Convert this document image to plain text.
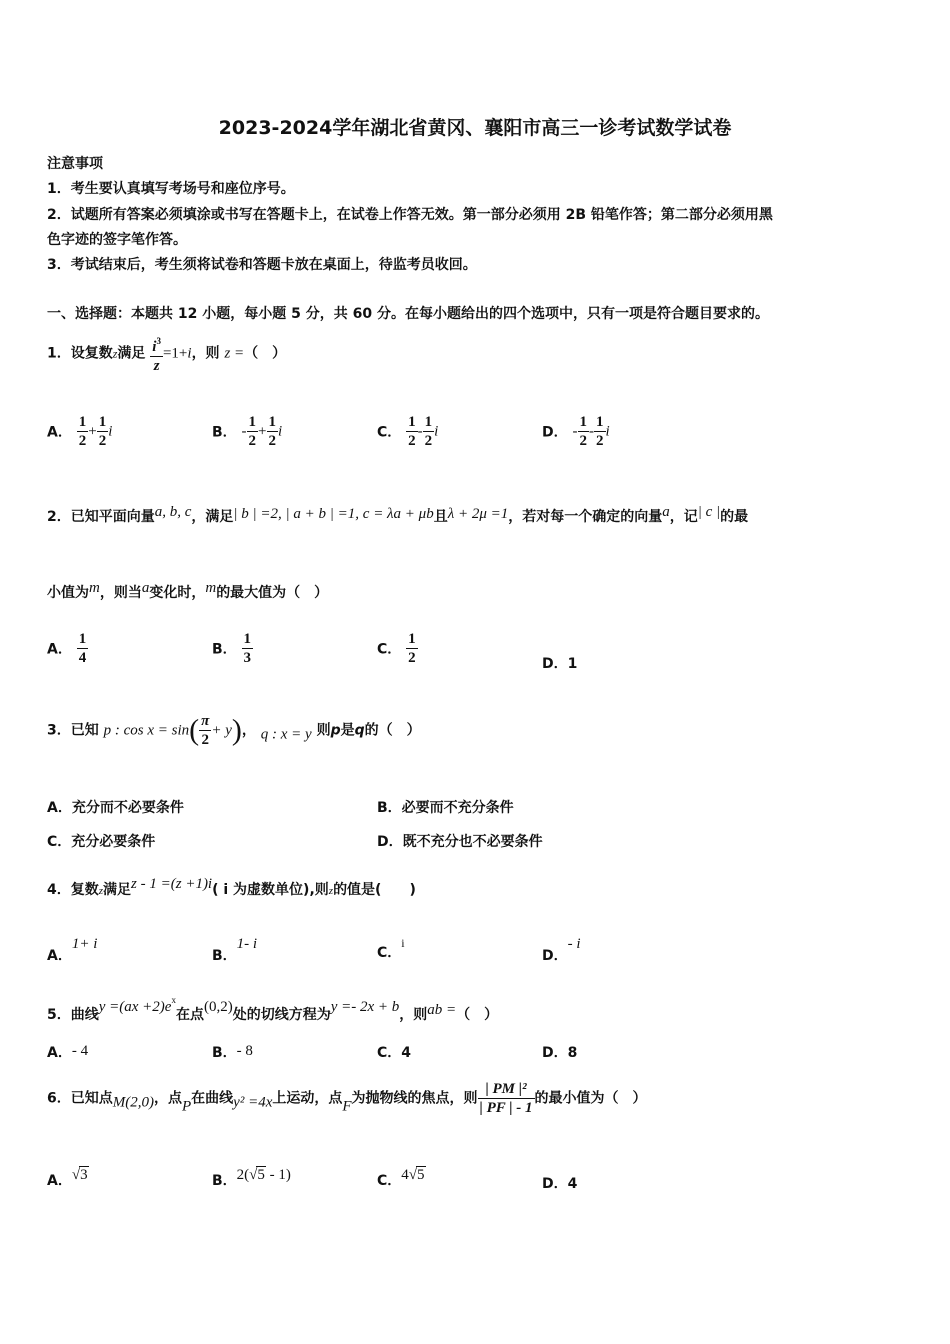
2023-2024学年湖北省黄冈、襄阳市高三一诊考试数学试卷
注意事项
1．考生要认真填写考场号和座位序号。
2．试题所有答案必须填涂或书写在答题卡上，在试卷上作答无效。第一部分必须用 2B 铅笔作答；第二部分必须用黑
色字迹的签字笔作答。
3．考试结束后，考生须将试卷和答题卡放在桌面上，待监考员收回。
一、选择题：本题共 12 小题，每小题 5 分，共 60 分。在每小题给出的四个选项中，只有一项是符合题目要求的。
1．设复数z满足 $\frac{i^3}{z} =1+i$，则 z =（　）
A． $\frac{1}{2} + \frac{1}{2}$ i	B． - $\frac{1}{2} + \frac{1}{2}$ i	C． $\frac{1}{2} - \frac{1}{2}$ i	D． - $\frac{1}{2} - \frac{1}{2}$ i
2．已知平面向量a, b, c，满足| b | =2, | a + b | =1, c = λa + μb且λ + 2μ =1，若对每一个确定的向量a，记| c |的最
小值为m，则当a变化时，m的最大值为（　）
A． $\frac{1}{4}$	B． $\frac{1}{3}$	C． $\frac{1}{2}$	D．1
3．已知 p : $\cos x = \sin( \frac{\pi}{2} + y)$， q : x = y 则p是q的（　）
A．充分而不必要条件	B．必要而不充分条件
C．充分必要条件	D．既不充分也不必要条件
4．复数z满足z - 1 =(z +1)i( i 为虚数单位),则z的值是(　　)
A．1+ i
B．1- i
C．i
D．- i
5．曲线$y =(ax +2)e^x$在点(0,2)处的切线方程为y =- 2x + b，则ab =（　）
A．- 4	B．- 8	C．4	D．8
6．已知点M(2,0)，点P在曲线y² =4x上运动，点F为抛物线的焦点，则 $\frac{\text{| PM |²}}{| PF | - 1}$ 的最小值为（　）
A．√3	B．2(√5 - 1)	C．4√5
D．4
